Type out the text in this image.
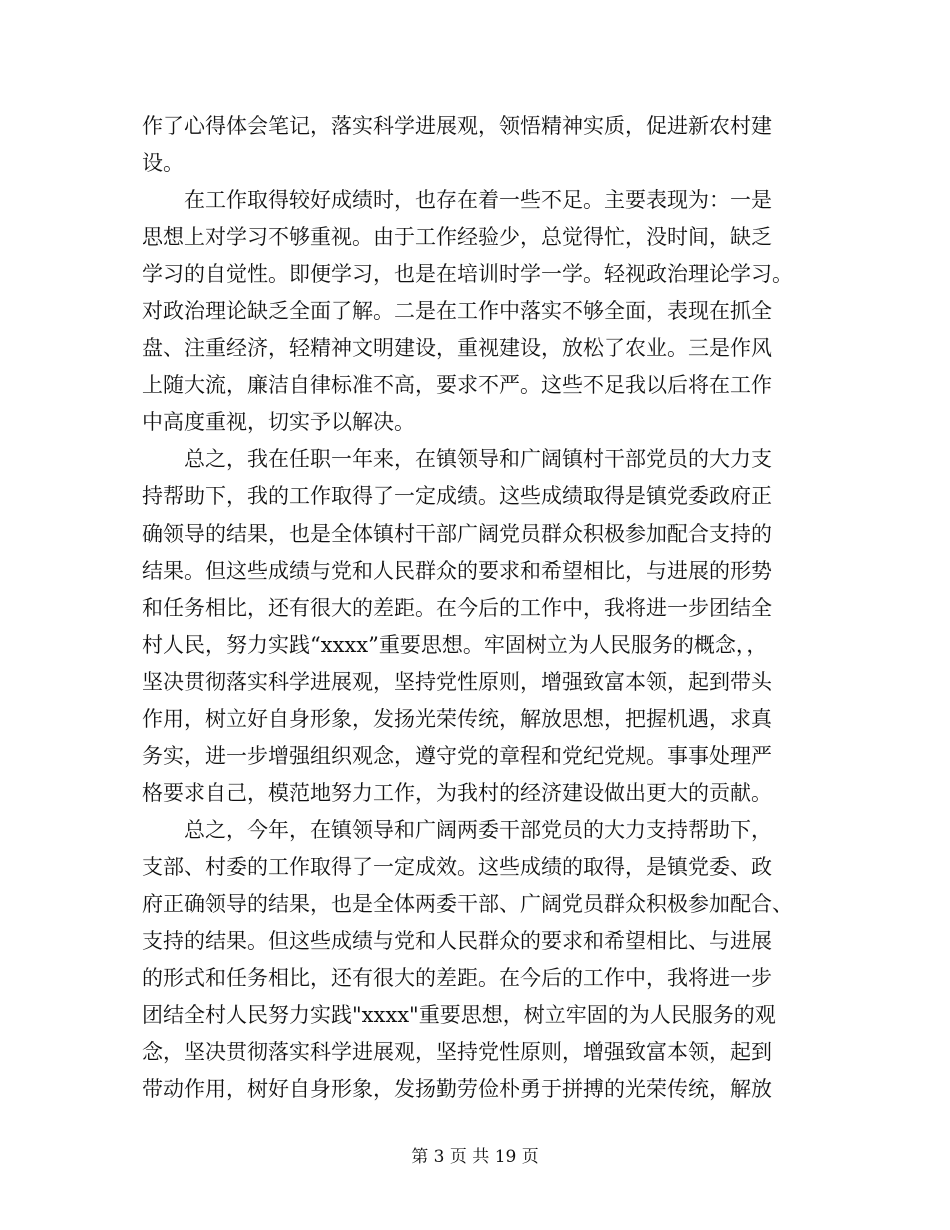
作了心得体会笔记，落实科学进展观，领悟精神实质，促进新农村建
设。
　　在工作取得较好成绩时，也存在着一些不足。主要表现为：一是
思想上对学习不够重视。由于工作经验少，总觉得忙，没时间，缺乏
学习的自觉性。即便学习，也是在培训时学一学。轻视政治理论学习。
对政治理论缺乏全面了解。二是在工作中落实不够全面，表现在抓全
盘、注重经济，轻精神文明建设，重视建设，放松了农业。三是作风
上随大流，廉洁自律标准不高，要求不严。这些不足我以后将在工作
中高度重视，切实予以解决。
　　总之，我在任职一年来，在镇领导和广阔镇村干部党员的大力支
持帮助下，我的工作取得了一定成绩。这些成绩取得是镇党委政府正
确领导的结果，也是全体镇村干部广阔党员群众积极参加配合支持的
结果。但这些成绩与党和人民群众的要求和希望相比，与进展的形势
和任务相比，还有很大的差距。在今后的工作中，我将进一步团结全
村人民，努力实践“xxxx”重要思想。牢固树立为人民服务的概念，，
坚决贯彻落实科学进展观，坚持党性原则，增强致富本领，起到带头
作用，树立好自身形象，发扬光荣传统，解放思想，把握机遇，求真
务实，进一步增强组织观念，遵守党的章程和党纪党规。事事处理严
格要求自己，模范地努力工作，为我村的经济建设做出更大的贡献。
　　总之，今年，在镇领导和广阔两委干部党员的大力支持帮助下，
支部、村委的工作取得了一定成效。这些成绩的取得，是镇党委、政
府正确领导的结果，也是全体两委干部、广阔党员群众积极参加配合、
支持的结果。但这些成绩与党和人民群众的要求和希望相比、与进展
的形式和任务相比，还有很大的差距。在今后的工作中，我将进一步
团结全村人民努力实践"xxxx"重要思想，树立牢固的为人民服务的观
念，坚决贯彻落实科学进展观，坚持党性原则，增强致富本领，起到
带动作用，树好自身形象，发扬勤劳俭朴勇于拼搏的光荣传统，解放
第 3 页 共 19 页
